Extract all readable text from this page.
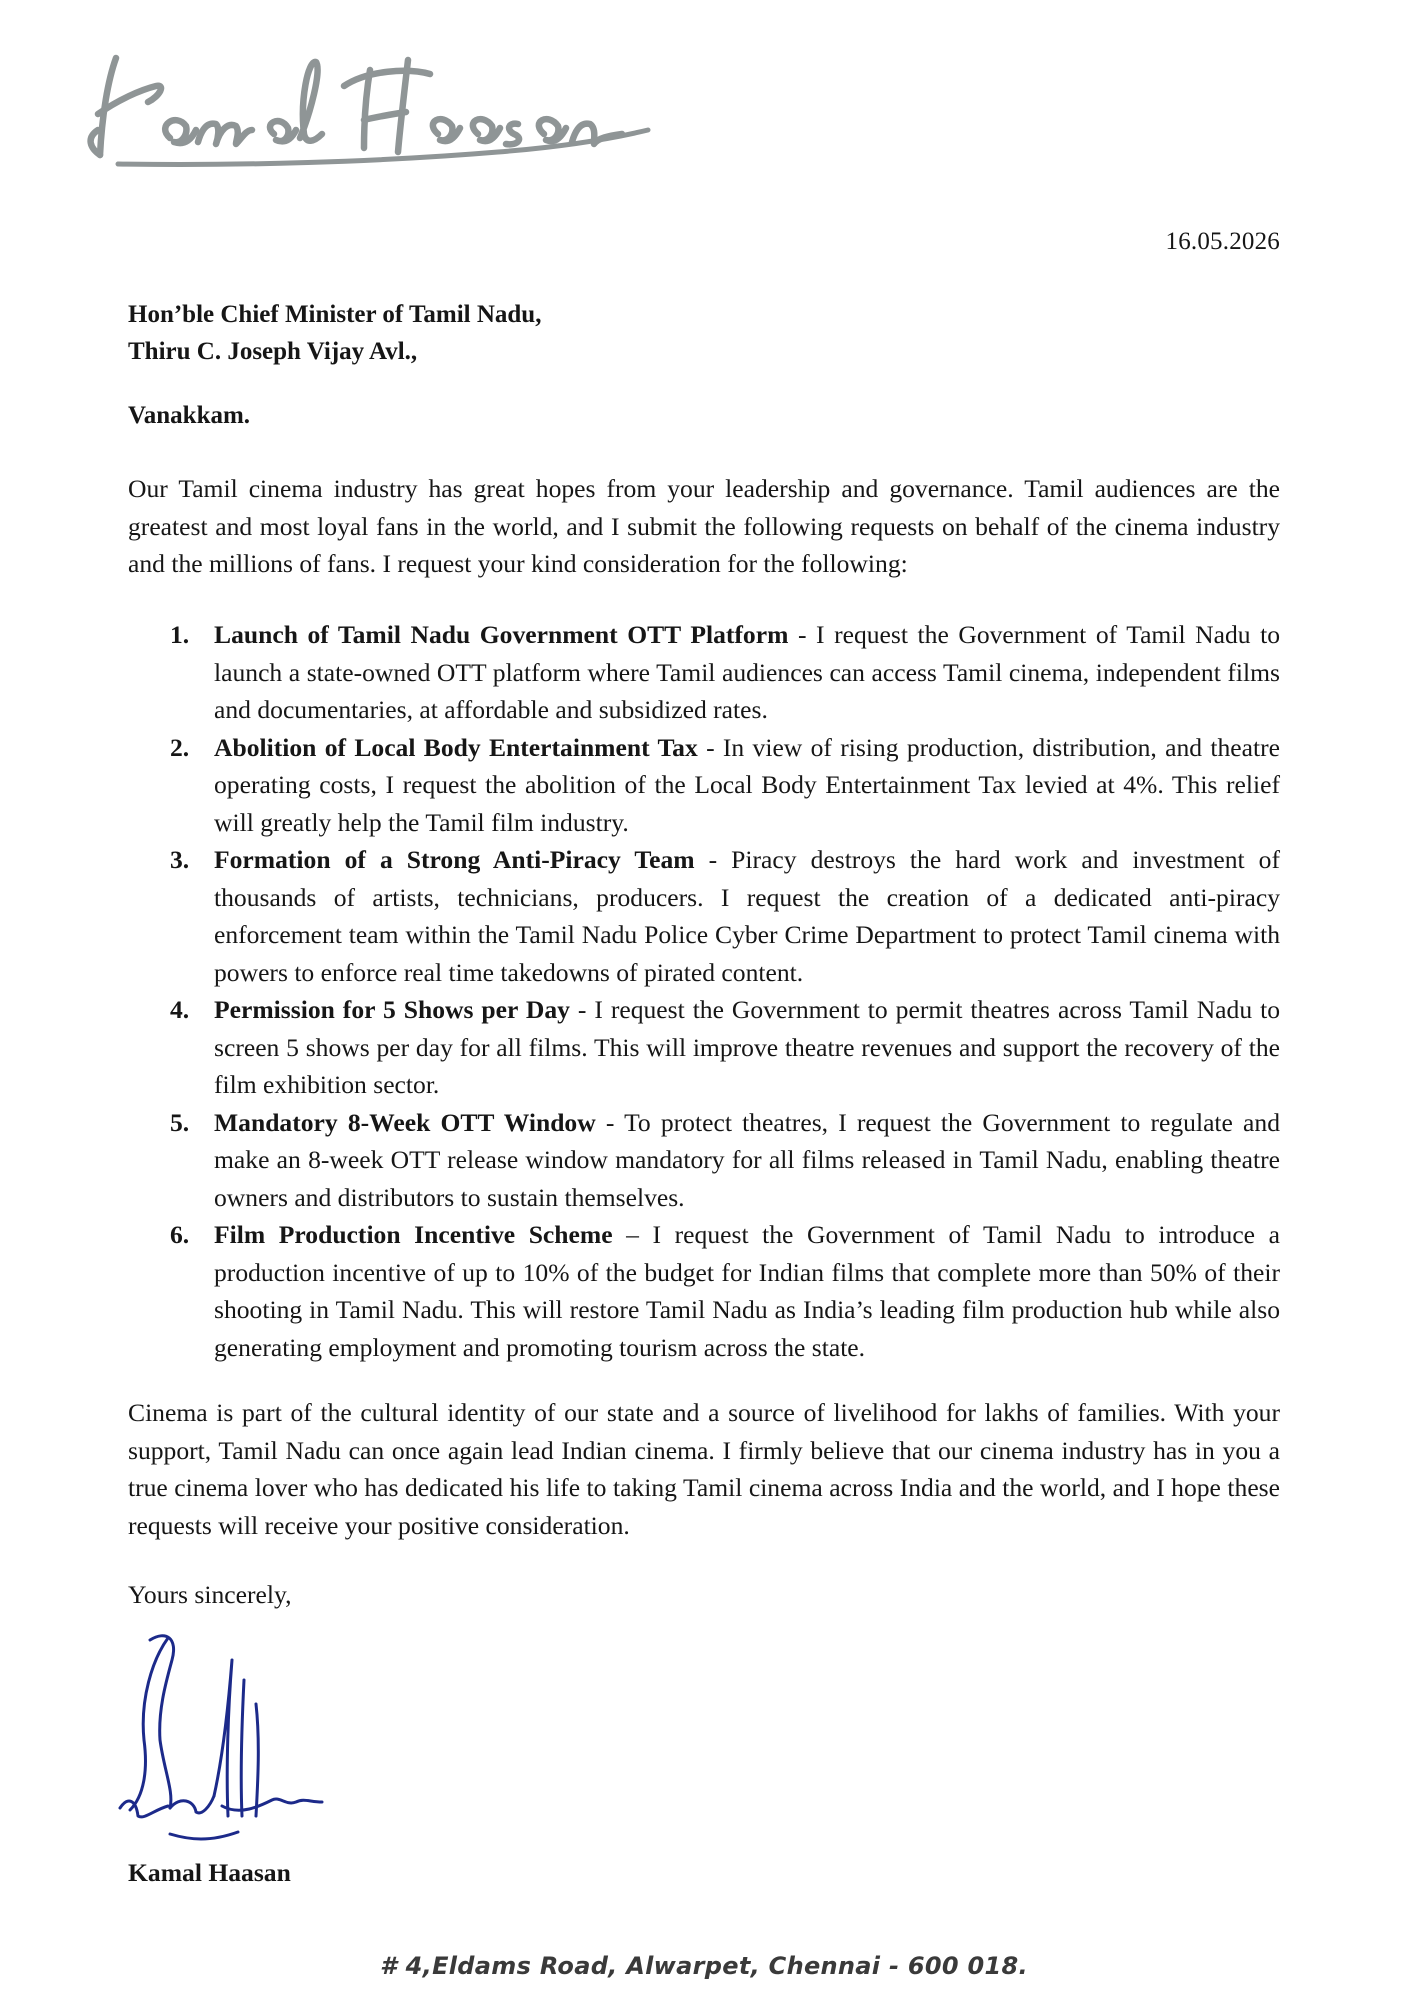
Kamal Haasan
16.05.2026
Hon’ble Chief Minister of Tamil Nadu,
Thiru C. Joseph Vijay Avl.,
Vanakkam.

Our Tamil cinema industry has great hopes from your leadership and governance. Tamil audiences are the greatest and most loyal fans in the world, and I submit the following requests on behalf of the cinema industry and the millions of fans. I request your kind consideration for the following:

1. Launch of Tamil Nadu Government OTT Platform - I request the Government of Tamil Nadu to launch a state-owned OTT platform where Tamil audiences can access Tamil cinema, independent films and documentaries, at affordable and subsidized rates.
2. Abolition of Local Body Entertainment Tax - In view of rising production, distribution, and theatre operating costs, I request the abolition of the Local Body Entertainment Tax levied at 4%. This relief will greatly help the Tamil film industry.
3. Formation of a Strong Anti-Piracy Team - Piracy destroys the hard work and investment of thousands of artists, technicians, producers. I request the creation of a dedicated anti-piracy enforcement team within the Tamil Nadu Police Cyber Crime Department to protect Tamil cinema with powers to enforce real time takedowns of pirated content.
4. Permission for 5 Shows per Day - I request the Government to permit theatres across Tamil Nadu to screen 5 shows per day for all films. This will improve theatre revenues and support the recovery of the film exhibition sector.
5. Mandatory 8-Week OTT Window - To protect theatres, I request the Government to regulate and make an 8-week OTT release window mandatory for all films released in Tamil Nadu, enabling theatre owners and distributors to sustain themselves.
6. Film Production Incentive Scheme – I request the Government of Tamil Nadu to introduce a production incentive of up to 10% of the budget for Indian films that complete more than 50% of their shooting in Tamil Nadu. This will restore Tamil Nadu as India’s leading film production hub while also generating employment and promoting tourism across the state.

Cinema is part of the cultural identity of our state and a source of livelihood for lakhs of families. With your support, Tamil Nadu can once again lead Indian cinema. I firmly believe that our cinema industry has in you a true cinema lover who has dedicated his life to taking Tamil cinema across India and the world, and I hope these requests will receive your positive consideration.

Yours sincerely,
Kamal Haasan
# 4,Eldams Road, Alwarpet, Chennai - 600 018.
